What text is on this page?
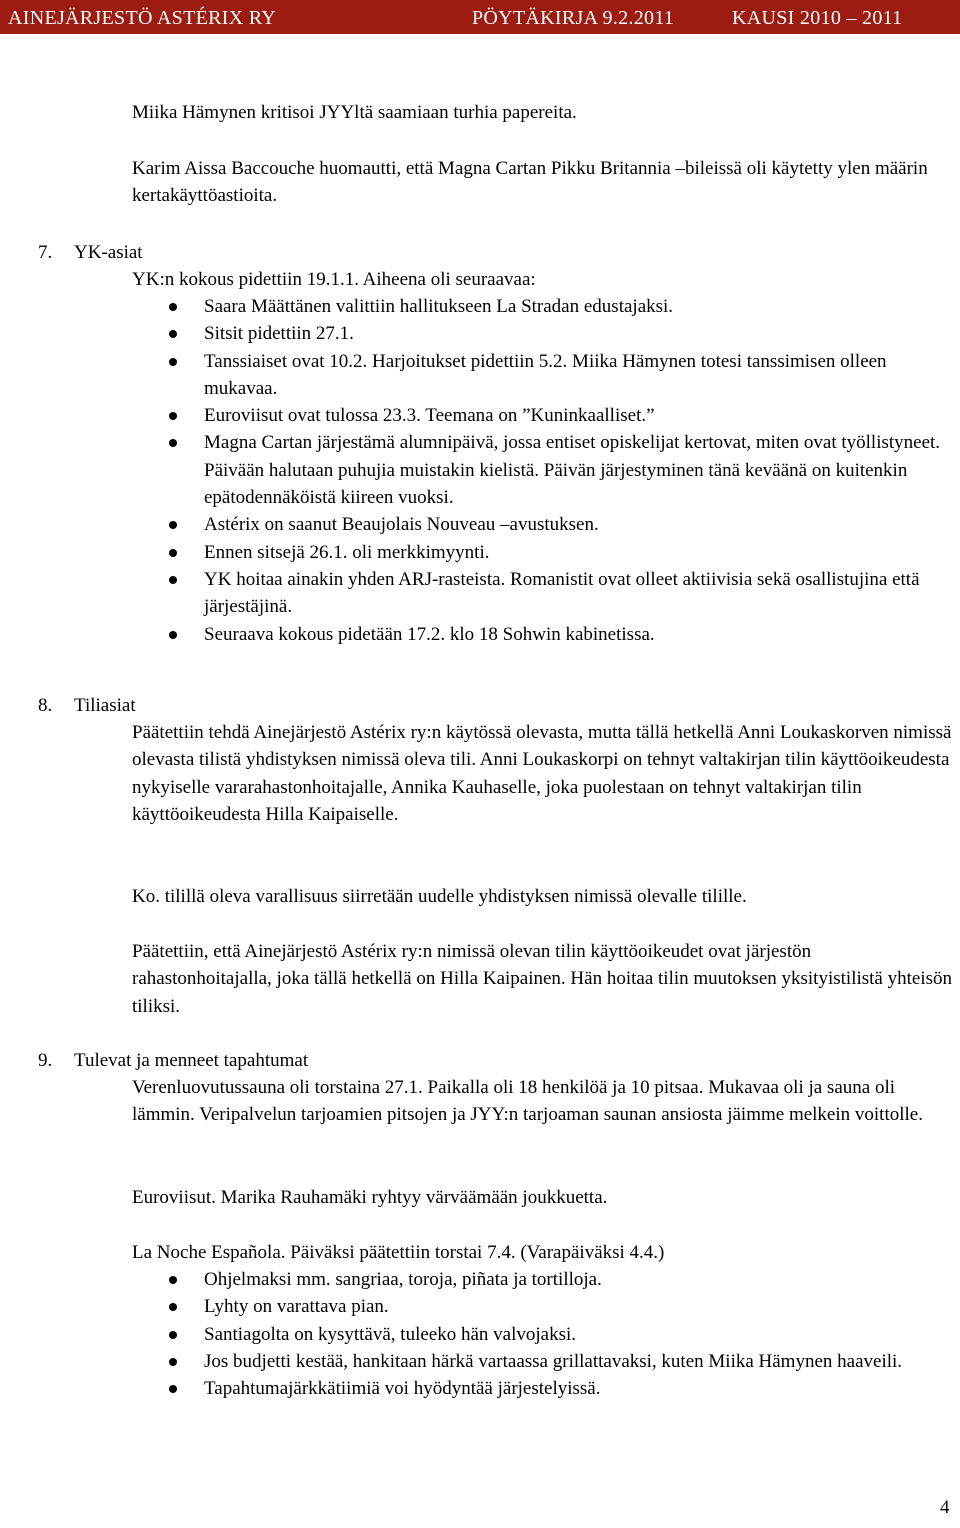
AINEJÄRJESTÖ ASTÉRIX RY	PÖYTÄKIRJA 9.2.2011	KAUSI 2010 – 2011

Miika Hämynen kritisoi JYYltä saamiaan turhia papereita.

Karim Aissa Baccouche huomautti, että Magna Cartan Pikku Britannia –bileissä oli käytetty ylen määrin kertakäyttöastioita.

7. YK-asiat

YK:n kokous pidettiin 19.1.1. Aiheena oli seuraavaa:

Saara Määttänen valittiin hallitukseen La Stradan edustajaksi.
Sitsit pidettiin 27.1.
Tanssiaiset ovat 10.2. Harjoitukset pidettiin 5.2. Miika Hämynen totesi tanssimisen olleen mukavaa.
Euroviisut ovat tulossa 23.3. Teemana on ”Kuninkaalliset.”
Magna Cartan järjestämä alumnipäivä, jossa entiset opiskelijat kertovat, miten ovat työllistyneet. Päivään halutaan puhujia muistakin kielistä. Päivän järjestyminen tänä keväänä on kuitenkin epätodennäköistä kiireen vuoksi.
Astérix on saanut Beaujolais Nouveau –avustuksen.
Ennen sitsejä 26.1. oli merkkimyynti.
YK hoitaa ainakin yhden ARJ-rasteista. Romanistit ovat olleet aktiivisia sekä osallistujina että järjestäjinä.
Seuraava kokous pidetään 17.2. klo 18 Sohwin kabinetissa.

8. Tiliasiat

Päätettiin tehdä Ainejärjestö Astérix ry:n käytössä olevasta, mutta tällä hetkellä Anni Loukaskorven nimissä olevasta tilistä yhdistyksen nimissä oleva tili. Anni Loukaskorpi on tehnyt valtakirjan tilin käyttöoikeudesta nykyiselle vararahastonhoitajalle, Annika Kauhaselle, joka puolestaan on tehnyt valtakirjan tilin käyttöoikeudesta Hilla Kaipaiselle.

Ko. tilillä oleva varallisuus siirretään uudelle yhdistyksen nimissä olevalle tilille.

Päätettiin, että Ainejärjestö Astérix ry:n nimissä olevan tilin käyttöoikeudet ovat järjestön rahastonhoitajalla, joka tällä hetkellä on Hilla Kaipainen. Hän hoitaa tilin muutoksen yksityistilistä yhteisön tiliksi.

9. Tulevat ja menneet tapahtumat

Verenluovutussauna oli torstaina 27.1. Paikalla oli 18 henkilöä ja 10 pitsaa. Mukavaa oli ja sauna oli lämmin. Veripalvelun tarjoamien pitsojen ja JYY:n tarjoaman saunan ansiosta jäimme melkein voittolle.

Euroviisut. Marika Rauhamäki ryhtyy värväämään joukkuetta.

La Noche Española. Päiväksi päätettiin torstai 7.4. (Varapäiväksi 4.4.)

Ohjelmaksi mm. sangriaa, toroja, piñata ja tortilloja.
Lyhty on varattava pian.
Santiagolta on kysyttävä, tuleeko hän valvojaksi.
Jos budjetti kestää, hankitaan härkä vartaassa grillattavaksi, kuten Miika Hämynen haaveili.
Tapahtumajärkkätiimiä voi hyödyntää järjestelyissä.
4
